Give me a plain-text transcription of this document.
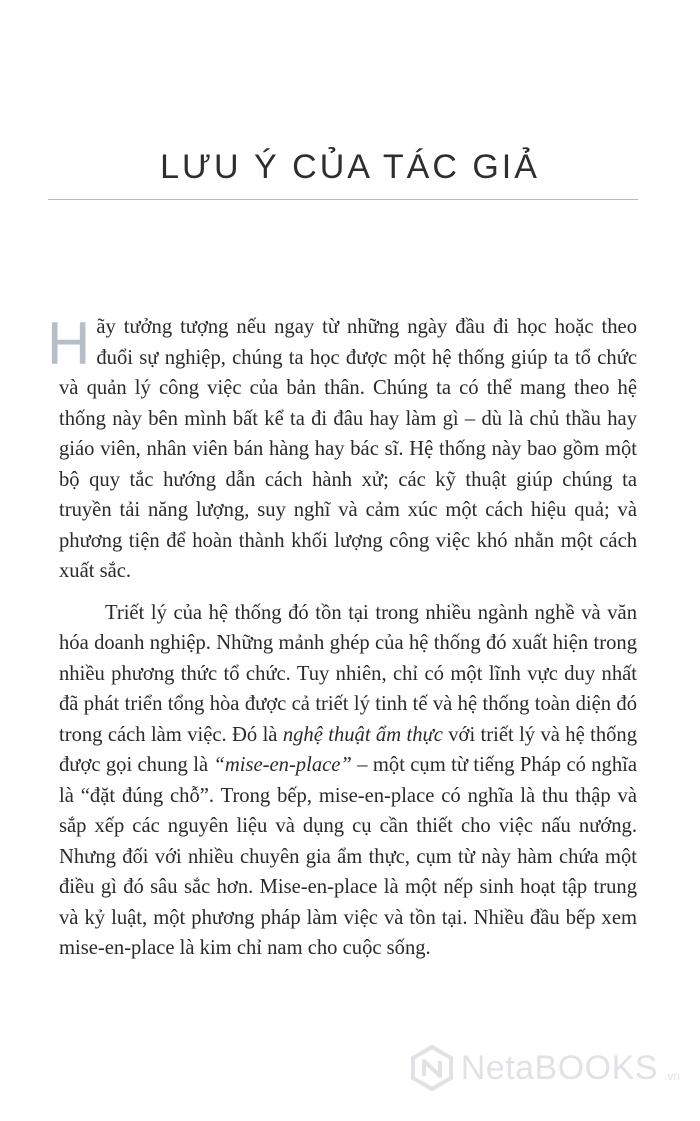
LƯU Ý CỦA TÁC GIẢ

Hãy tưởng tượng nếu ngay từ những ngày đầu đi học hoặc theo đuổi sự nghiệp, chúng ta học được một hệ thống giúp ta tổ chức và quản lý công việc của bản thân. Chúng ta có thể mang theo hệ thống này bên mình bất kể ta đi đâu hay làm gì – dù là chủ thầu hay giáo viên, nhân viên bán hàng hay bác sĩ. Hệ thống này bao gồm một bộ quy tắc hướng dẫn cách hành xử; các kỹ thuật giúp chúng ta truyền tải năng lượng, suy nghĩ và cảm xúc một cách hiệu quả; và phương tiện để hoàn thành khối lượng công việc khó nhằn một cách xuất sắc.

Triết lý của hệ thống đó tồn tại trong nhiều ngành nghề và văn hóa doanh nghiệp. Những mảnh ghép của hệ thống đó xuất hiện trong nhiều phương thức tổ chức. Tuy nhiên, chỉ có một lĩnh vực duy nhất đã phát triển tổng hòa được cả triết lý tinh tế và hệ thống toàn diện đó trong cách làm việc. Đó là nghệ thuật ẩm thực với triết lý và hệ thống được gọi chung là “mise-en-place” – một cụm từ tiếng Pháp có nghĩa là “đặt đúng chỗ”. Trong bếp, mise-en-place có nghĩa là thu thập và sắp xếp các nguyên liệu và dụng cụ cần thiết cho việc nấu nướng. Nhưng đối với nhiều chuyên gia ẩm thực, cụm từ này hàm chứa một điều gì đó sâu sắc hơn. Mise-en-place là một nếp sinh hoạt tập trung và kỷ luật, một phương pháp làm việc và tồn tại. Nhiều đầu bếp xem mise-en-place là kim chỉ nam cho cuộc sống.

NetaBOOKS .vn
